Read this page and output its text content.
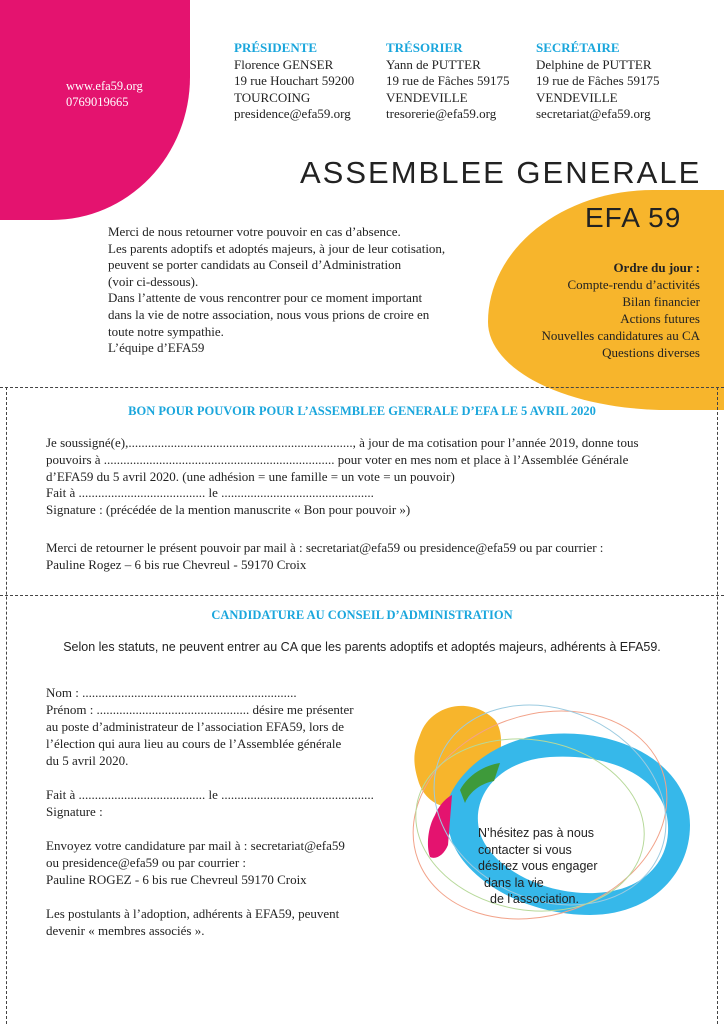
www.efa59.org
0769019665
PRÉSIDENTE
Florence GENSER
19 rue Houchart 59200
TOURCOING
presidence@efa59.org
TRÉSORIER
Yann de PUTTER
19 rue de Fâches 59175
VENDEVILLE
tresorerie@efa59.org
SECRÉTAIRE
Delphine de PUTTER
19 rue de Fâches 59175
VENDEVILLE
secretariat@efa59.org
ASSEMBLEE GENERALE
EFA 59
Merci de nous retourner votre pouvoir en cas d’absence.
Les parents adoptifs et adoptés majeurs, à jour de leur cotisation,
peuvent se porter candidats au Conseil d’Administration
(voir ci-dessous).
Dans l’attente de vous rencontrer pour ce moment important
dans la vie de notre association, nous vous prions de croire en
toute notre sympathie.
L’équipe d’EFA59
Ordre du jour :
Compte-rendu d’activités
Bilan financier
Actions futures
Nouvelles candidatures au CA
Questions diverses
BON POUR POUVOIR POUR L’ASSEMBLEE GENERALE D’EFA LE 5 AVRIL 2020
Je soussigné(e),....................................................................., à jour de ma cotisation pour l’année 2019, donne tous
pouvoirs à ....................................................................... pour voter en mes nom et place à l’Assemblée Générale
d’EFA59 du 5 avril 2020. (une adhésion = une famille = un vote = un pouvoir)
Fait à ....................................... le ...............................................
Signature : (précédée de la mention manuscrite « Bon pour pouvoir »)
Merci de retourner le présent pouvoir par mail à : secretariat@efa59 ou presidence@efa59 ou par courrier :
Pauline Rogez – 6 bis rue Chevreul - 59170 Croix
CANDIDATURE AU CONSEIL D’ADMINISTRATION
Selon les statuts, ne peuvent entrer au CA que les parents adoptifs et adoptés majeurs, adhérents à EFA59.
Nom : ..................................................................
Prénom : ............................................... désire me présenter
au poste d’administrateur de l’association EFA59, lors de
l’élection qui aura lieu au cours de l’Assemblée générale
du 5 avril 2020.
Fait à ....................................... le ...............................................
Signature :
Envoyez votre candidature par mail à : secretariat@efa59
ou presidence@efa59 ou par courrier :
Pauline ROGEZ - 6 bis rue Chevreul 59170 Croix
Les postulants à l’adoption, adhérents à EFA59, peuvent
devenir « membres associés ».
N’hésitez pas à nous
contacter si vous
désirez vous engager
dans la vie
de l’association.
